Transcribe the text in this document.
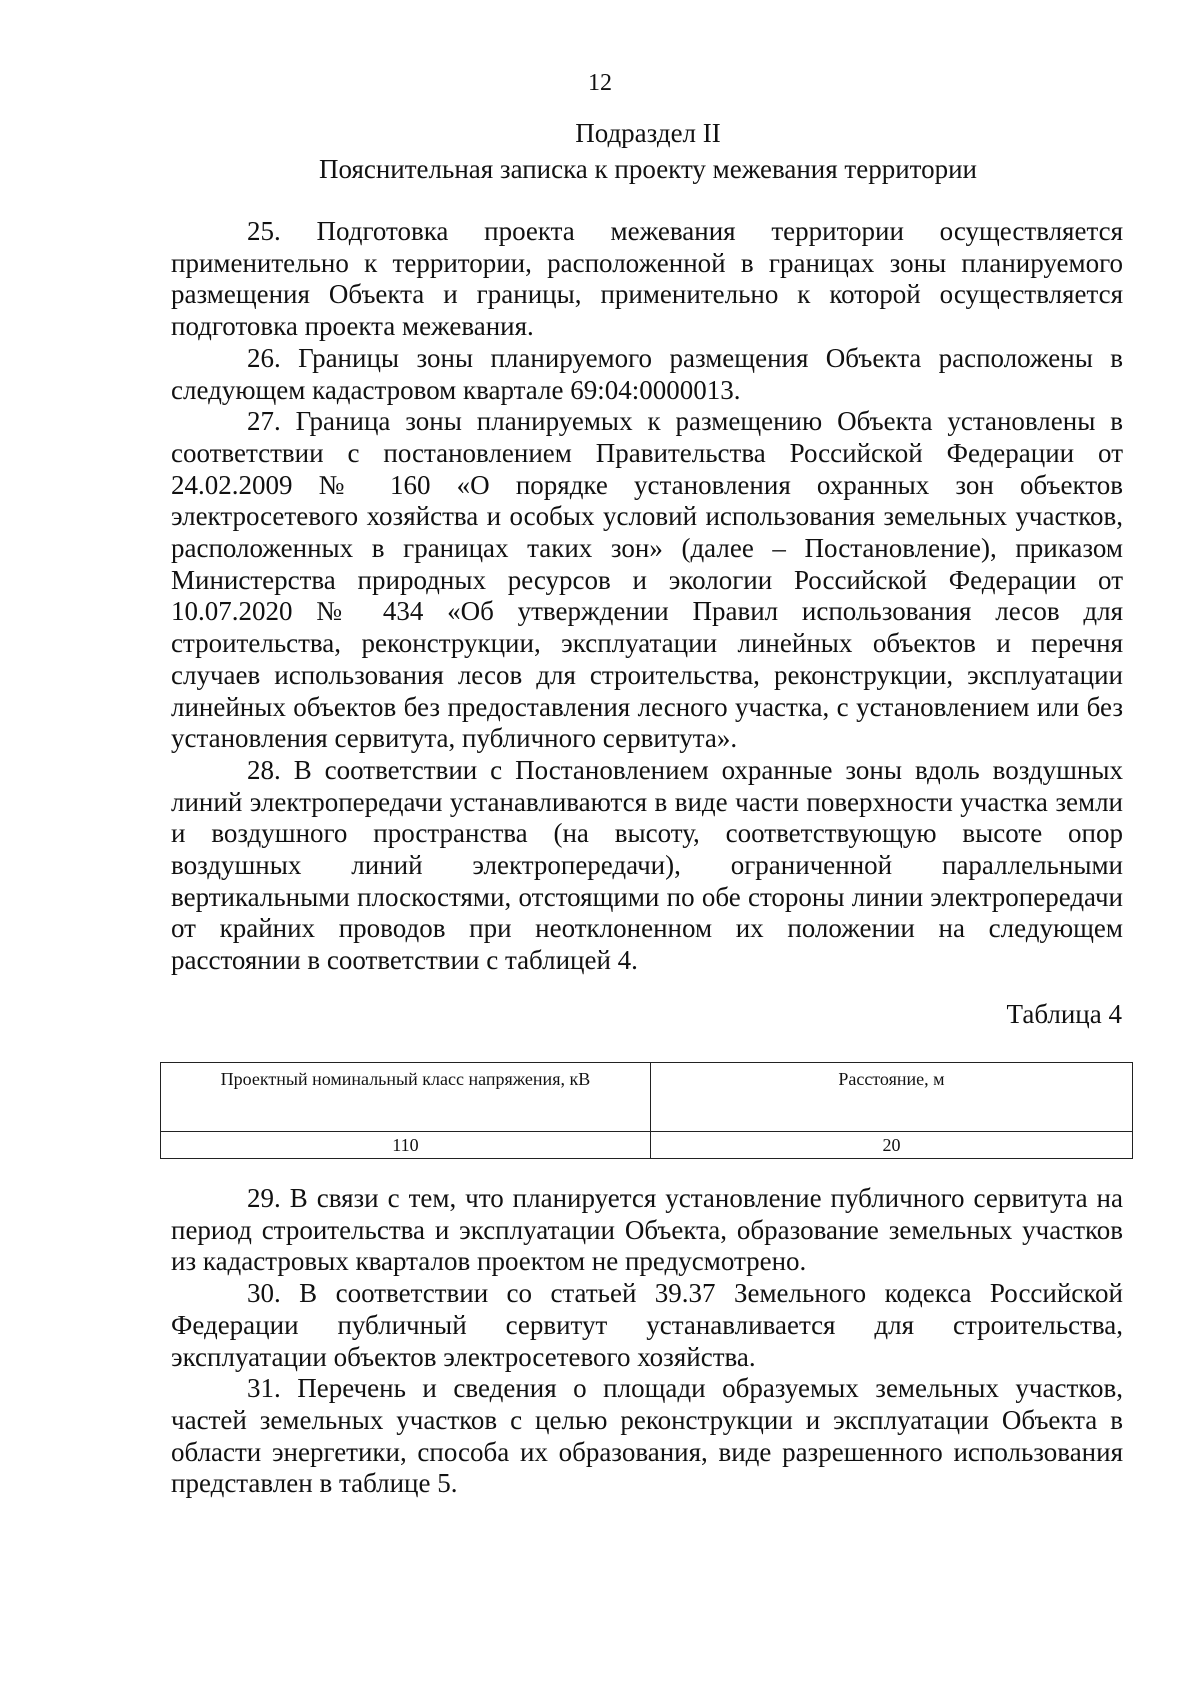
12
Подраздел II
Пояснительная записка к проекту межевания территории

25. Подготовка проекта межевания территории осуществляется применительно к территории, расположенной в границах зоны планируемого размещения Объекта и границы, применительно к которой осуществляется подготовка проекта межевания.

26. Границы зоны планируемого размещения Объекта расположены в следующем кадастровом квартале 69:04:0000013.

27. Граница зоны планируемых к размещению Объекта установлены в соответствии с постановлением Правительства Российской Федерации от 24.02.2009 № 160 «О порядке установления охранных зон объектов электросетевого хозяйства и особых условий использования земельных участков, расположенных в границах таких зон» (далее – Постановление), приказом Министерства природных ресурсов и экологии Российской Федерации от 10.07.2020 № 434 «Об утверждении Правил использования лесов для строительства, реконструкции, эксплуатации линейных объектов и перечня случаев использования лесов для строительства, реконструкции, эксплуатации линейных объектов без предоставления лесного участка, с установлением или без установления сервитута, публичного сервитута».

28. В соответствии с Постановлением охранные зоны вдоль воздушных линий электропередачи устанавливаются в виде части поверхности участка земли и воздушного пространства (на высоту, соответствующую высоте опор воздушных линий электропередачи), ограниченной параллельными вертикальными плоскостями, отстоящими по обе стороны линии электропередачи от крайних проводов при неотклоненном их положении на следующем расстоянии в соответствии с таблицей 4.

Таблица 4
Проектный номинальный класс напряжения, кВ	Расстояние, м
110	20

29. В связи с тем, что планируется установление публичного сервитута на период строительства и эксплуатации Объекта, образование земельных участков из кадастровых кварталов проектом не предусмотрено.

30. В соответствии со статьей 39.37 Земельного кодекса Российской Федерации публичный сервитут устанавливается для строительства, эксплуатации объектов электросетевого хозяйства.

31. Перечень и сведения о площади образуемых земельных участков, частей земельных участков с целью реконструкции и эксплуатации Объекта в области энергетики, способа их образования, виде разрешенного использования представлен в таблице 5.
